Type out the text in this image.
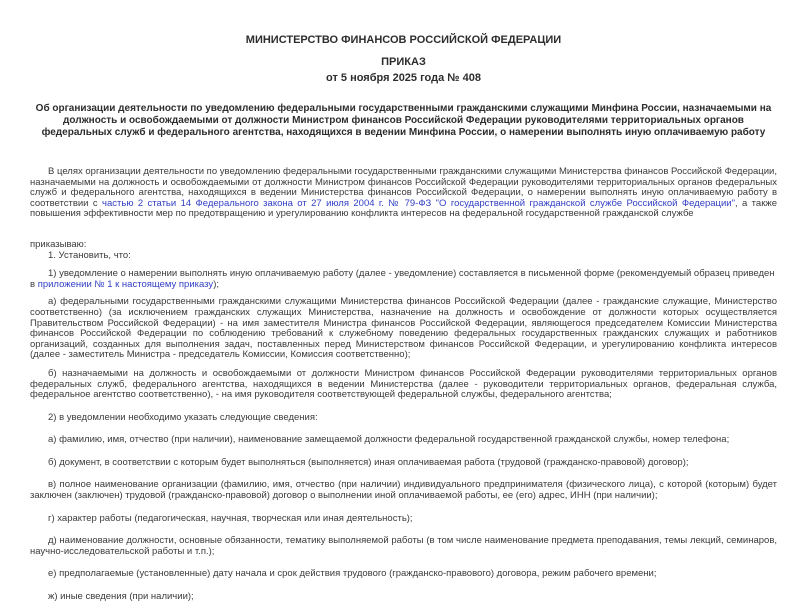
МИНИСТЕРСТВО ФИНАНСОВ РОССИЙСКОЙ ФЕДЕРАЦИИ
ПРИКАЗ
от 5 ноября 2025 года № 408
Об организации деятельности по уведомлению федеральными государственными гражданскими служащими Минфина России, назначаемыми на должность и освобождаемыми от должности Министром финансов Российской Федерации руководителями территориальных органов федеральных служб и федерального агентства, находящихся в ведении Минфина России, о намерении выполнять иную оплачиваемую работу

В целях организации деятельности по уведомлению федеральными государственными гражданскими служащими Министерства финансов Российской Федерации, назначаемыми на должность и освобождаемыми от должности Министром финансов Российской Федерации руководителями территориальных органов федеральных служб и федерального агентства, находящихся в ведении Министерства финансов Российской Федерации, о намерении выполнять иную оплачиваемую работу в соответствии с частью 2 статьи 14 Федерального закона от 27 июля 2004 г. № 79-ФЗ "О государственной гражданской службе Российской Федерации", а также повышения эффективности мер по предотвращению и урегулированию конфликта интересов на федеральной государственной гражданской службе

приказываю:

1. Установить, что:

1) уведомление о намерении выполнять иную оплачиваемую работу (далее - уведомление) составляется в письменной форме (рекомендуемый образец приведен в приложении № 1 к настоящему приказу);

а) федеральными государственными гражданскими служащими Министерства финансов Российской Федерации (далее - гражданские служащие, Министерство соответственно) (за исключением гражданских служащих Министерства, назначение на должность и освобождение от должности которых осуществляется Правительством Российской Федерации) - на имя заместителя Министра финансов Российской Федерации, являющегося председателем Комиссии Министерства финансов Российской Федерации по соблюдению требований к служебному поведению федеральных государственных гражданских служащих и работников организаций, созданных для выполнения задач, поставленных перед Министерством финансов Российской Федерации, и урегулированию конфликта интересов (далее - заместитель Министра - председатель Комиссии, Комиссия соответственно);

б) назначаемыми на должность и освобождаемыми от должности Министром финансов Российской Федерации руководителями территориальных органов федеральных служб, федерального агентства, находящихся в ведении Министерства (далее - руководители территориальных органов, федеральная служба, федеральное агентство соответственно), - на имя руководителя соответствующей федеральной службы, федерального агентства;

2) в уведомлении необходимо указать следующие сведения:

а) фамилию, имя, отчество (при наличии), наименование замещаемой должности федеральной государственной гражданской службы, номер телефона;

б) документ, в соответствии с которым будет выполняться (выполняется) иная оплачиваемая работа (трудовой (гражданско-правовой) договор);

в) полное наименование организации (фамилию, имя, отчество (при наличии) индивидуального предпринимателя (физического лица), с которой (которым) будет заключен (заключен) трудовой (гражданско-правовой) договор о выполнении иной оплачиваемой работы, ее (его) адрес, ИНН (при наличии);

г) характер работы (педагогическая, научная, творческая или иная деятельность);

д) наименование должности, основные обязанности, тематику выполняемой работы (в том числе наименование предмета преподавания, темы лекций, семинаров, научно-исследовательской работы и т.п.);

е) предполагаемые (установленные) дату начала и срок действия трудового (гражданско-правового) договора, режим рабочего времени;

ж) иные сведения (при наличии);
